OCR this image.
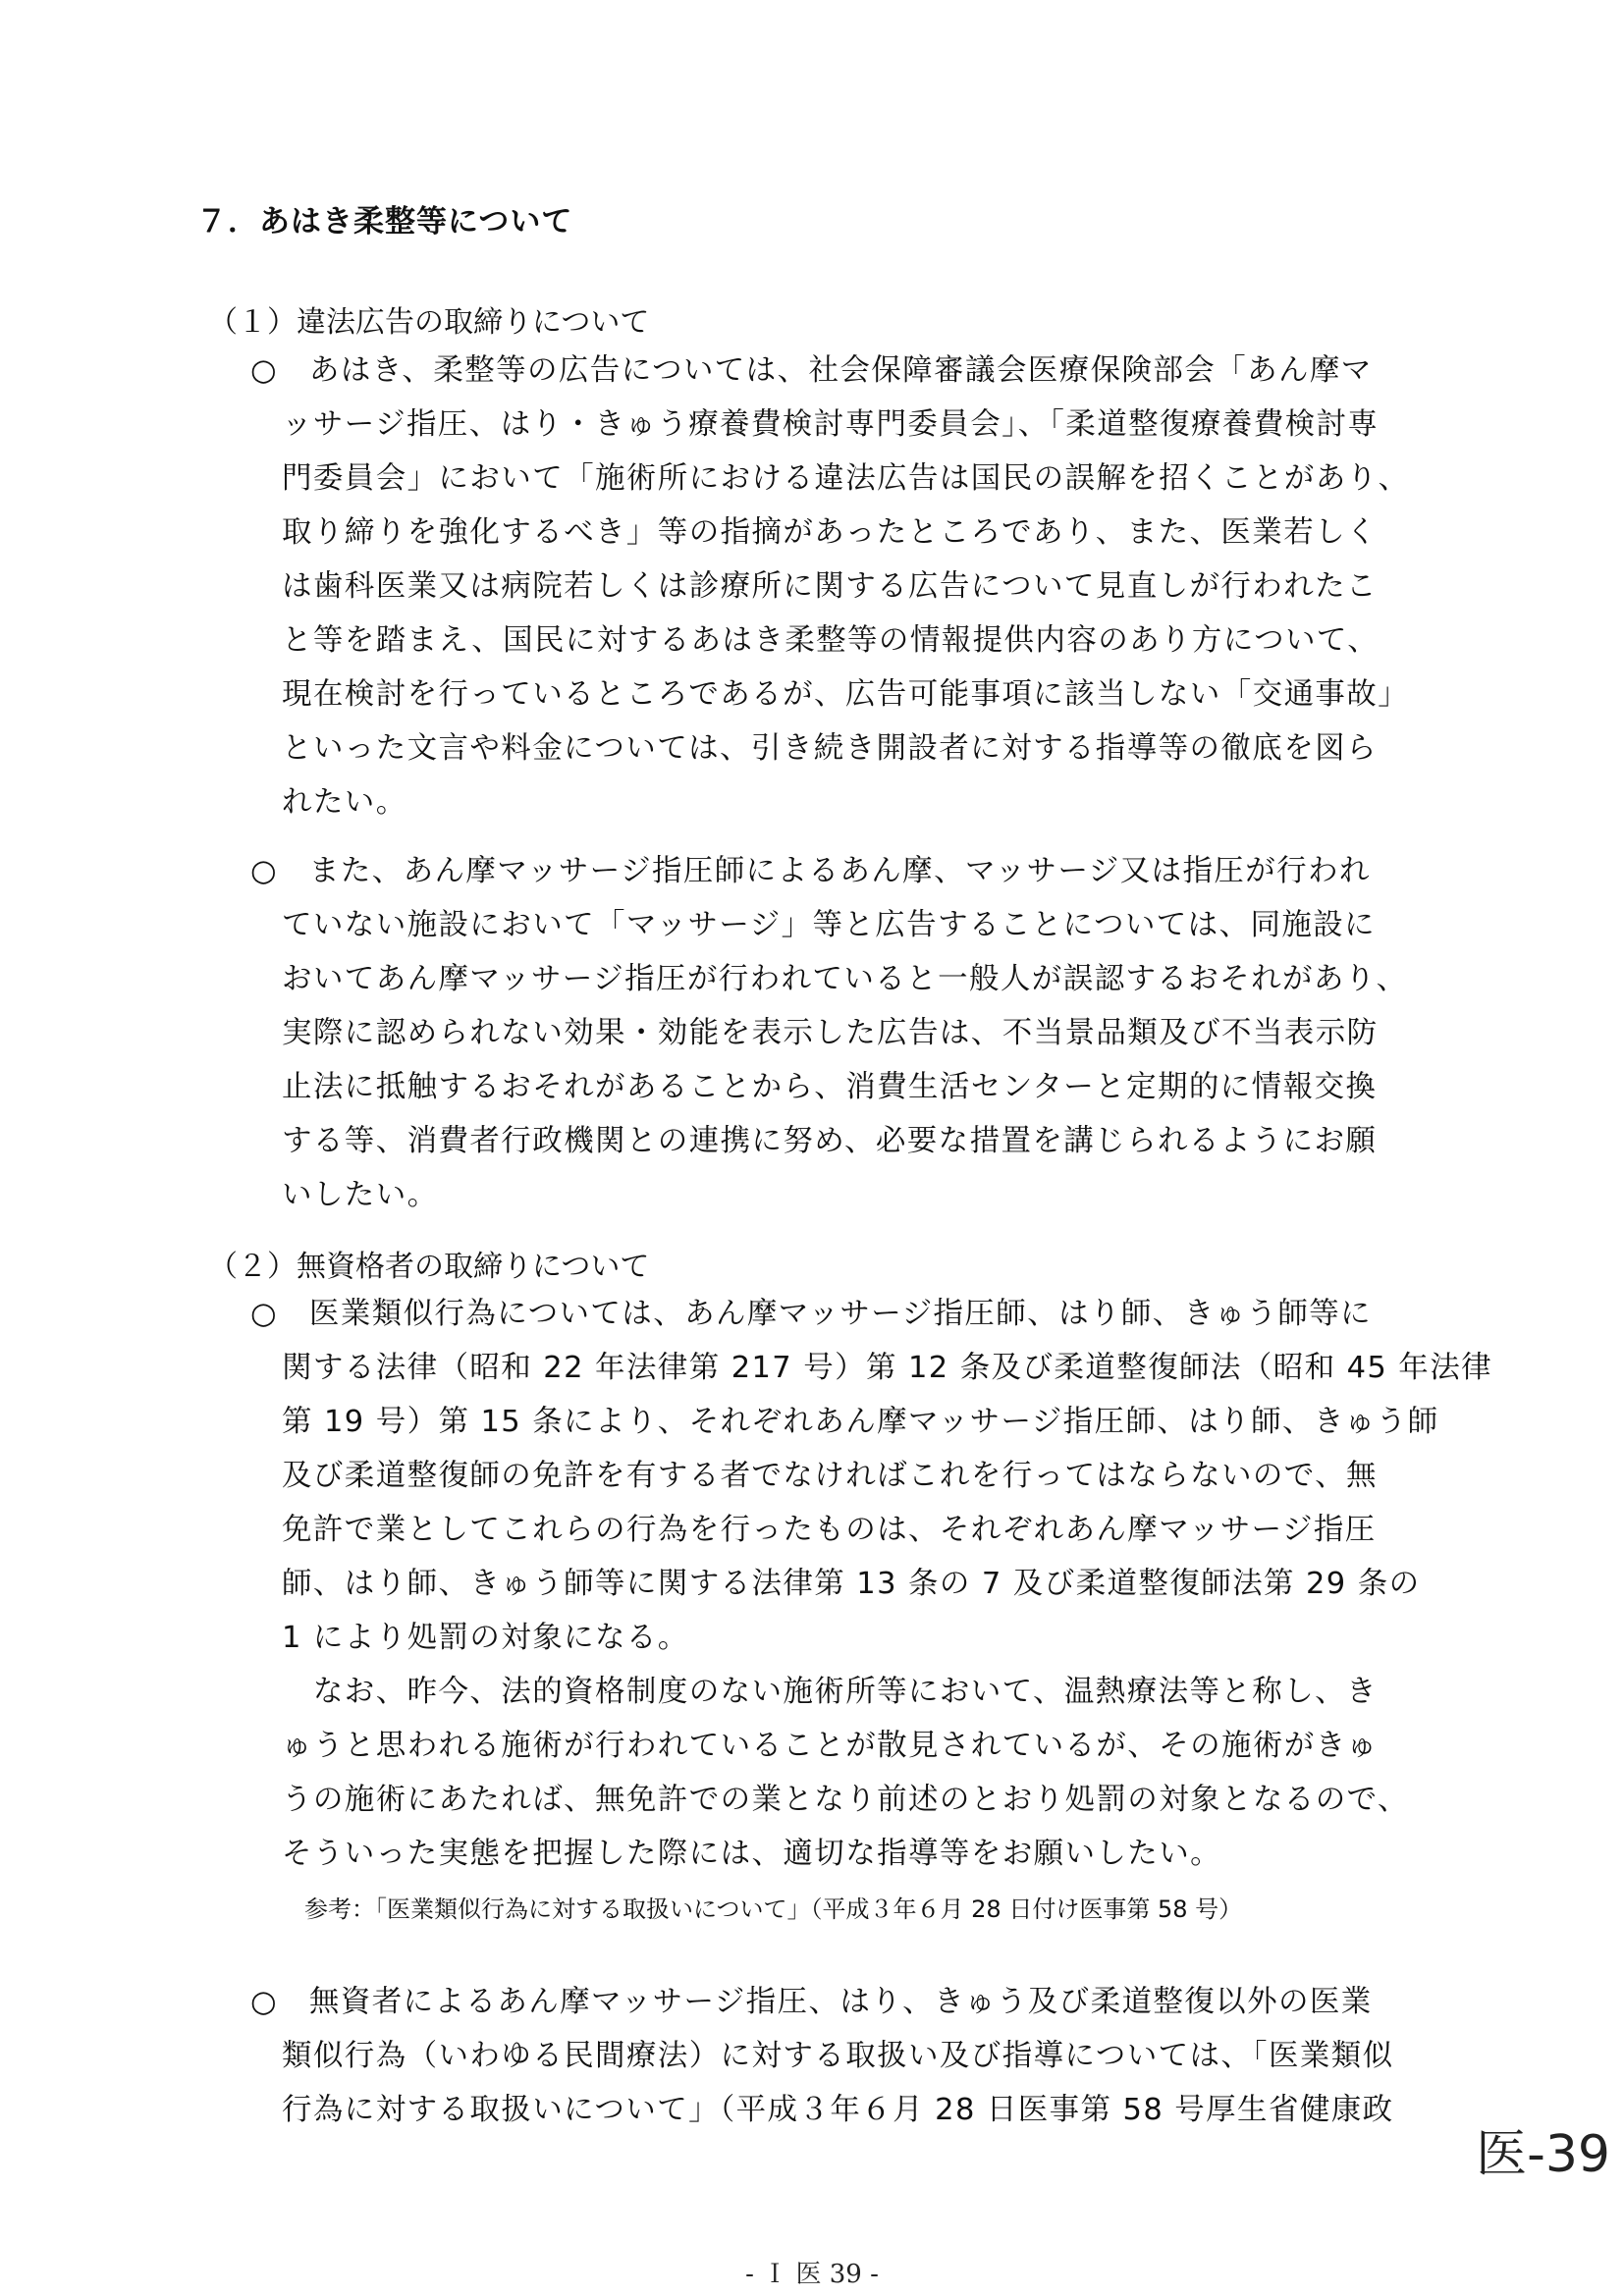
７．あはき柔整等について
（１）違法広告の取締りについて
○　あはき、柔整等の広告については、社会保障審議会医療保険部会「あん摩マ
ッサージ指圧、はり・きゅう療養費検討専門委員会」、「柔道整復療養費検討専
門委員会」において「施術所における違法広告は国民の誤解を招くことがあり、
取り締りを強化するべき」等の指摘があったところであり、また、医業若しく
は歯科医業又は病院若しくは診療所に関する広告について見直しが行われたこ
と等を踏まえ、国民に対するあはき柔整等の情報提供内容のあり方について、
現在検討を行っているところであるが、広告可能事項に該当しない「交通事故」
といった文言や料金については、引き続き開設者に対する指導等の徹底を図ら
れたい。
○　また、あん摩マッサージ指圧師によるあん摩、マッサージ又は指圧が行われ
ていない施設において「マッサージ」等と広告することについては、同施設に
おいてあん摩マッサージ指圧が行われていると一般人が誤認するおそれがあり、
実際に認められない効果・効能を表示した広告は、不当景品類及び不当表示防
止法に抵触するおそれがあることから、消費生活センターと定期的に情報交換
する等、消費者行政機関との連携に努め、必要な措置を講じられるようにお願
いしたい。
（２）無資格者の取締りについて
○　医業類似行為については、あん摩マッサージ指圧師、はり師、きゅう師等に
関する法律（昭和 22 年法律第 217 号）第 12 条及び柔道整復師法（昭和 45 年法律
第 19 号）第 15 条により、それぞれあん摩マッサージ指圧師、はり師、きゅう師
及び柔道整復師の免許を有する者でなければこれを行ってはならないので、無
免許で業としてこれらの行為を行ったものは、それぞれあん摩マッサージ指圧
師、はり師、きゅう師等に関する法律第 13 条の 7 及び柔道整復師法第 29 条の
1 により処罰の対象になる。
　なお、昨今、法的資格制度のない施術所等において、温熱療法等と称し、き
ゅうと思われる施術が行われていることが散見されているが、その施術がきゅ
うの施術にあたれば、無免許での業となり前述のとおり処罰の対象となるので、
そういった実態を把握した際には、適切な指導等をお願いしたい。
参考：「医業類似行為に対する取扱いについて」（平成３年６月 28 日付け医事第 58 号）
○　無資者によるあん摩マッサージ指圧、はり、きゅう及び柔道整復以外の医業
類似行為（いわゆる民間療法）に対する取扱い及び指導については、「医業類似
行為に対する取扱いについて」（平成３年６月 28 日医事第 58 号厚生省健康政
医-39
- Ｉ 医 39 -
